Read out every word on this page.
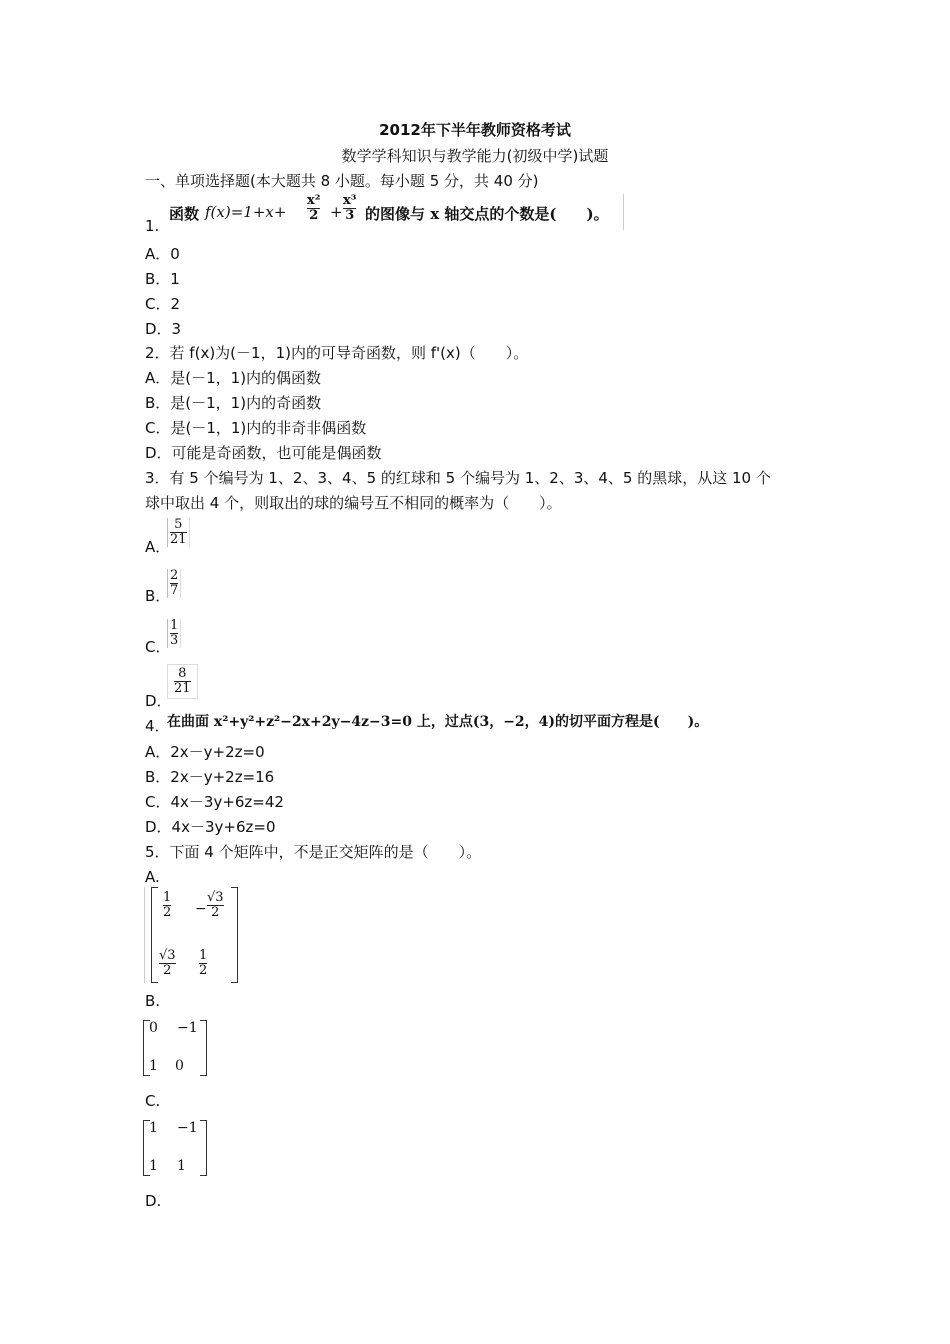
2012年下半年教师资格考试
数学学科知识与教学能力(初级中学)试题
一、单项选择题(本大题共 8 小题。每小题 5 分，共 40 分)
1.
函数 $f(x)=1+x+ \frac{\text{x²}}{2} + \frac{\text{x³}}{3}$ 的图像与 x 轴交点的个数是(　　)。
A．0
B．1
C．2
D．3
2．若 f(x)为(－1，1)内的可导奇函数，则 f'(x)（　　）。
A．是(－1，1)内的偶函数
B．是(－1，1)内的奇函数
C．是(－1，1)内的非奇非偶函数
D．可能是奇函数，也可能是偶函数
3．有 5 个编号为 1、2、3、4、5 的红球和 5 个编号为 1、2、3、4、5 的黑球，从这 10 个
球中取出 4 个，则取出的球的编号互不相同的概率为（　　）。
A． $\frac{5}{21}$
B． $\frac{2}{7}$
C． $\frac{1}{3}$
D．
$\frac{8}{21}$
4．
在曲面 x²+y²+z²−2x+2y−4z−3=0 上，过点(3，−2，4)的切平面方程是(　　)。
A．2x－y+2z=0
B．2x－y+2z=16
C．4x－3y+6z=42
D．4x－3y+6z=0
5．下面 4 个矩阵中，不是正交矩阵的是（　　）。
A.
$\frac{1}{2} - \frac{√3}{2}$
$\frac{√3}{2} \frac{1}{2}$
B.
0 −1
1 0
C.
1 −1
1 1
D.
